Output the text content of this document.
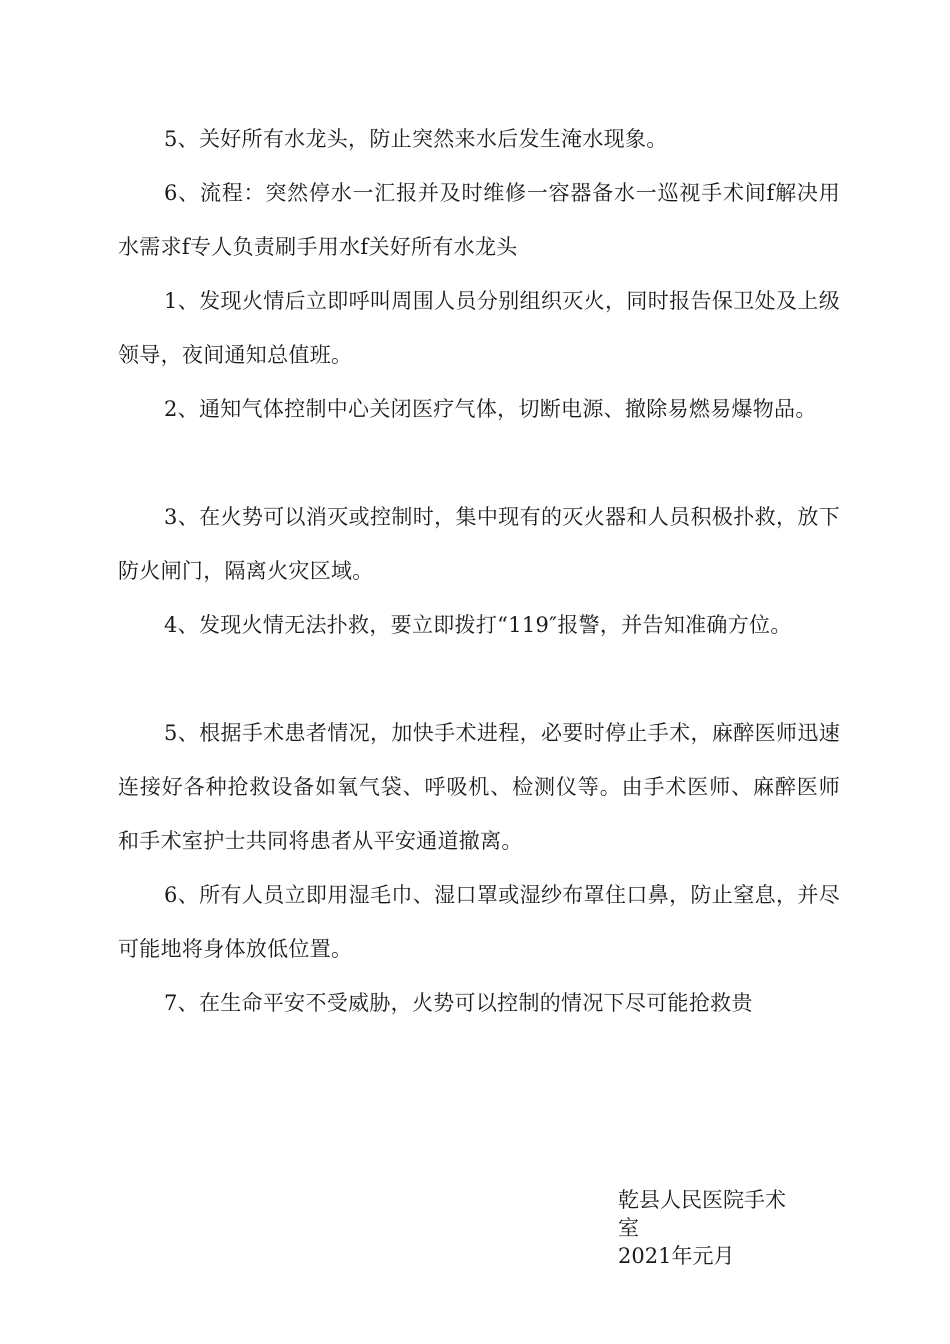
5、关好所有水龙头，防止突然来水后发生淹水现象。

6、流程：突然停水一汇报并及时维修一容器备水一巡视手术间f解决用水需求f专人负责刷手用水f关好所有水龙头

1、发现火情后立即呼叫周围人员分别组织灭火，同时报告保卫处及上级领导，夜间通知总值班。

2、通知气体控制中心关闭医疗气体，切断电源、撤除易燃易爆物品。

3、在火势可以消灭或控制时，集中现有的灭火器和人员积极扑救，放下防火闸门，隔离火灾区域。

4、发现火情无法扑救，要立即拨打“119″报警，并告知准确方位。

5、根据手术患者情况，加快手术进程，必要时停止手术，麻醉医师迅速连接好各种抢救设备如氧气袋、呼吸机、检测仪等。由手术医师、麻醉医师和手术室护士共同将患者从平安通道撤离。

6、所有人员立即用湿毛巾、湿口罩或湿纱布罩住口鼻，防止窒息，并尽可能地将身体放低位置。

7、在生命平安不受威胁，火势可以控制的情况下尽可能抢救贵

乾县人民医院手术
室
2021年元月
